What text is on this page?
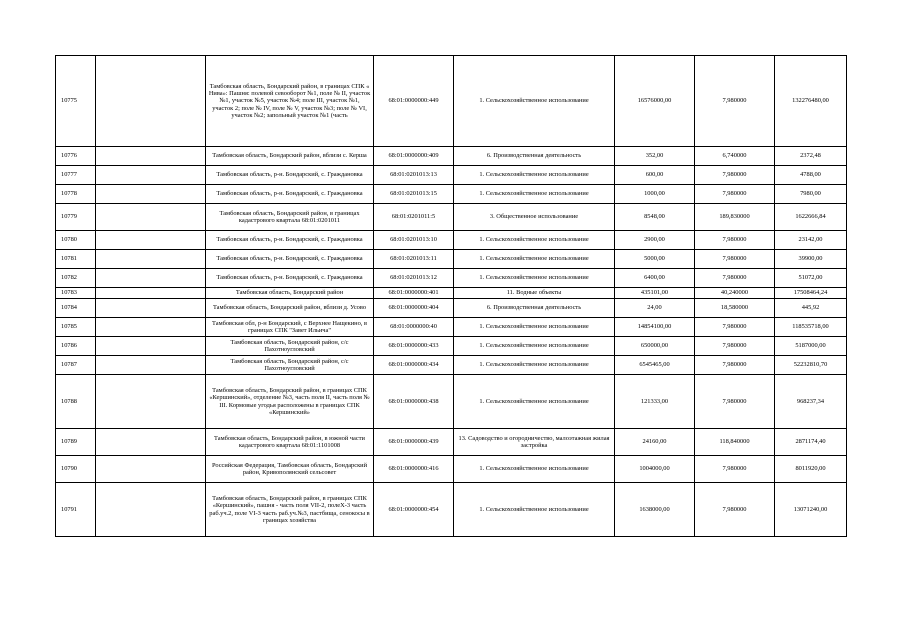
10775		Тамбовская область, Бондарский район, в границах СПК « Нива»: Пашня: полевой севооборот №1, поле № II, участок №1, участок №5, участок №4; поле III, участок №1, участок 2; поле № IV, поле № V, участок №3; поле № VI, участок №2; запольный участок №1 (часть	68:01:0000000:449	1. Сельскохозяйственное использование	16576000,00	7,980000	132276480,00
10776		Тамбовская область, Бондарский район, вблизи с. Керша	68:01:0000000:409	6. Производственная деятельность	352,00	6,740000	2372,48
10777		Тамбовская область, р-н. Бондарский, с. Граждановка	68:01:0201013:13	1. Сельскохозяйственное использование	600,00	7,980000	4788,00
10778		Тамбовская область, р-н. Бондарский, с. Граждановка	68:01:0201013:15	1. Сельскохозяйственное использование	1000,00	7,980000	7980,00
10779		Тамбовская область, Бондарский район, в границах кадастрового квартала 68:01:0201011	68:01:0201011:5	3. Общественное использование	8548,00	189,830000	1622666,84
10780		Тамбовская область, р-н. Бондарский, с. Граждановка	68:01:0201013:10	1. Сельскохозяйственное использование	2900,00	7,980000	23142,00
10781		Тамбовская область, р-н. Бондарский, с. Граждановка	68:01:0201013:11	1. Сельскохозяйственное использование	5000,00	7,980000	39900,00
10782		Тамбовская область, р-н. Бондарский, с. Граждановка	68:01:0201013:12	1. Сельскохозяйственное использование	6400,00	7,980000	51072,00
10783		Тамбовская область, Бондарский район	68:01:0000000:401	11. Водные объекты	435101,00	40,240000	17508464,24
10784		Тамбовская область, Бондарский район, вблизи д. Усово	68:01:0000000:404	6. Производственная деятельность	24,00	18,580000	445,92
10785		Тамбовская обл, р-н Бондарский, с Верхнее Нащекино, в границах СПК "Завет Ильича"	68:01:0000000:40	1. Сельскохозяйственное использование	14854100,00	7,980000	118535718,00
10786		Тамбовская область, Бондарский район, с/с Пахотноугловский	68:01:0000000:433	1. Сельскохозяйственное использование	650000,00	7,980000	5187000,00
10787		Тамбовская область, Бондарский район, с/с Пахотноугловский	68:01:0000000:434	1. Сельскохозяйственное использование	6545465,00	7,980000	52232810,70
10788		Тамбовская область, Бондарский район, в границах СПК «Кершинский», отделение №3, часть поля II, часть поля № III. Кормовые угодья расположены в границах СПК «Кершинский»	68:01:0000000:438	1. Сельскохозяйственное использование	121333,00	7,980000	968237,34
10789		Тамбовская область, Бондарский район, в южной части кадастрового квартала 68:01:1101008	68:01:0000000:439	13. Садоводство и огородничество, малоэтажная жилая застройка	24160,00	118,840000	2871174,40
10790		Российская Федерация, Тамбовская область, Бондарский район, Кривополянский сельсовет	68:01:0000000:416	1. Сельскохозяйственное использование	1004000,00	7,980000	8011920,00
10791		Тамбовская область, Бондарский район, в границах СПК «Кершинский», пашня - часть поля VII-2, полеX-3 часть раб.уч.2, поле VI-3 часть раб.уч.№3, пастбища, сенокосы в границах хозяйства	68:01:0000000:454	1. Сельскохозяйственное использование	1638000,00	7,980000	13071240,00
